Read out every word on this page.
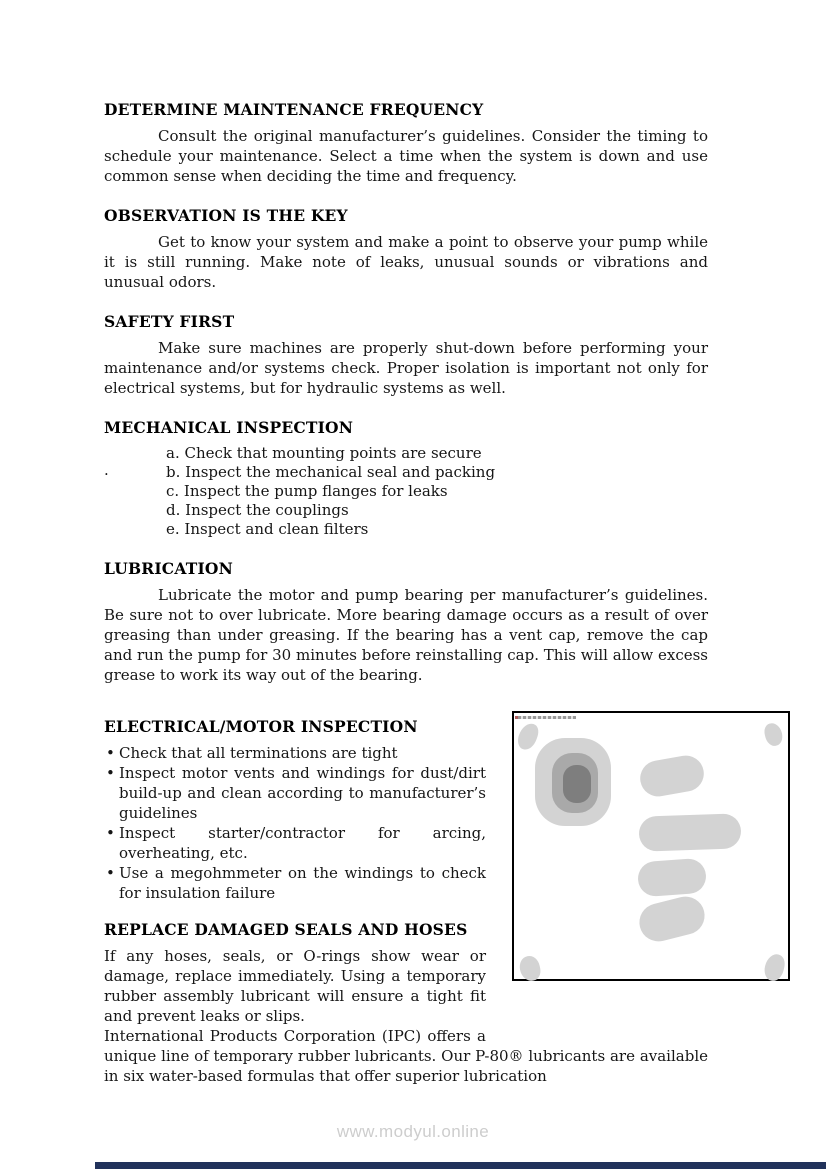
DETERMINE MAINTENANCE FREQUENCY

Consult the original manufacturer’s guidelines. Consider the timing to schedule your maintenance. Select a time when the system is down and use common sense when deciding the time and frequency.

OBSERVATION IS THE KEY

Get to know your system and make a point to observe your pump while it is still running. Make note of leaks, unusual sounds or vibrations and unusual odors.

SAFETY FIRST

Make sure machines are properly shut-down before performing your maintenance and/or systems check. Proper isolation is important not only for electrical systems, but for hydraulic systems as well.

MECHANICAL INSPECTION
.
a. Check that mounting points are secure
b. Inspect the mechanical seal and packing
c. Inspect the pump flanges for leaks
d. Inspect the couplings
e. Inspect and clean filters
LUBRICATION

Lubricate the motor and pump bearing per manufacturer’s guidelines. Be sure not to over lubricate. More bearing damage occurs as a result of over greasing than under greasing. If the bearing has a vent cap, remove the cap and run the pump for 30 minutes before reinstalling cap. This will allow excess grease to work its way out of the bearing.

ELECTRICAL/MOTOR INSPECTION
• Check that all terminations are tight
• Inspect motor vents and windings for dust/dirt build-up and clean according to manufacturer’s guidelines
• Inspect starter/contractor for arcing, overheating, etc.
• Use a megohmmeter on the windings to check for insulation failure
REPLACE DAMAGED SEALS AND HOSES

If any hoses, seals, or O-rings show wear or damage, replace immediately. Using a temporary rubber assembly lubricant will ensure a tight fit and prevent leaks or slips.

International Products Corporation (IPC) offers a unique line of temporary rubber lubricants. Our P-80® lubricants are available in six water-based formulas that offer superior lubrication

www.modyul.online
